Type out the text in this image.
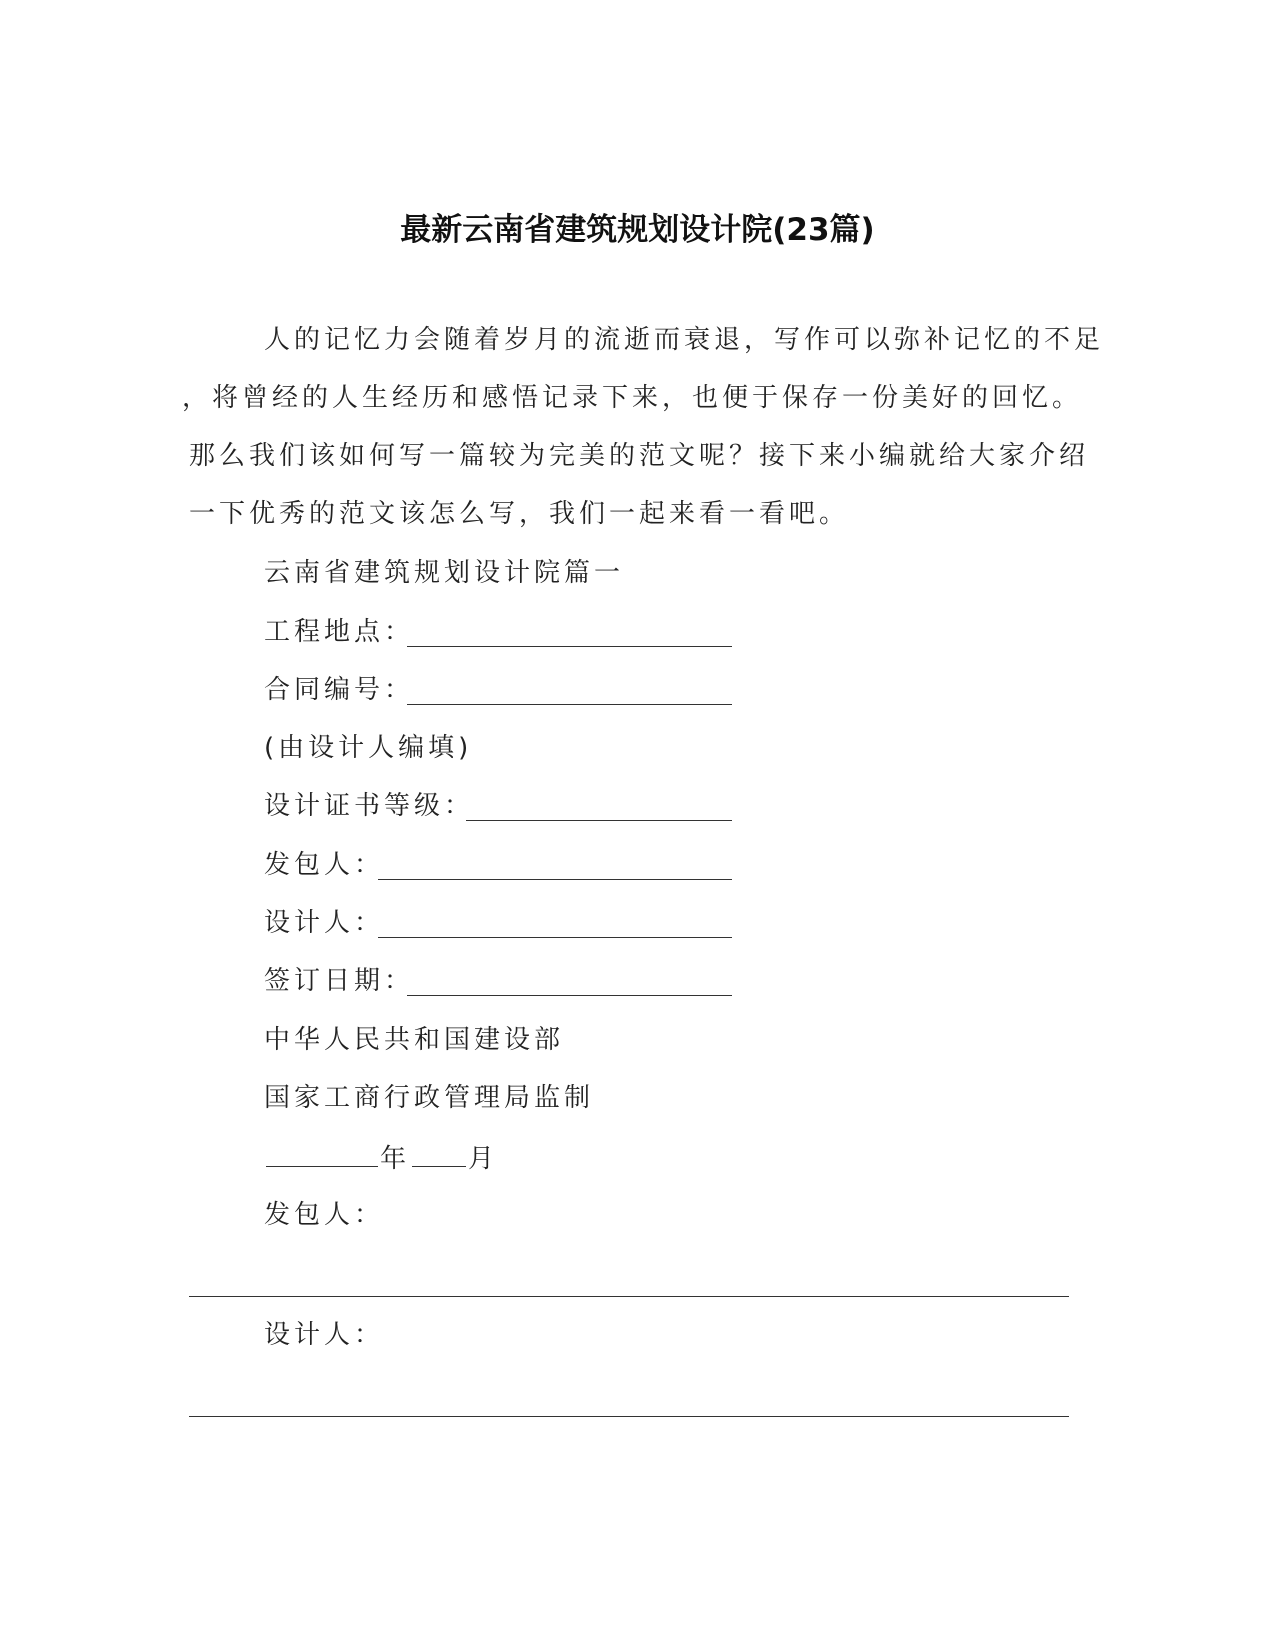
最新云南省建筑规划设计院(23篇)
人的记忆力会随着岁月的流逝而衰退，写作可以弥补记忆的不足
，将曾经的人生经历和感悟记录下来，也便于保存一份美好的回忆。
那么我们该如何写一篇较为完美的范文呢？接下来小编就给大家介绍
一下优秀的范文该怎么写，我们一起来看一看吧。
云南省建筑规划设计院篇一
工程地点：
合同编号：
(由设计人编填)
设计证书等级：
发包人：
设计人：
签订日期：
中华人民共和国建设部
国家工商行政管理局监制
年 月
发包人：
设计人：
